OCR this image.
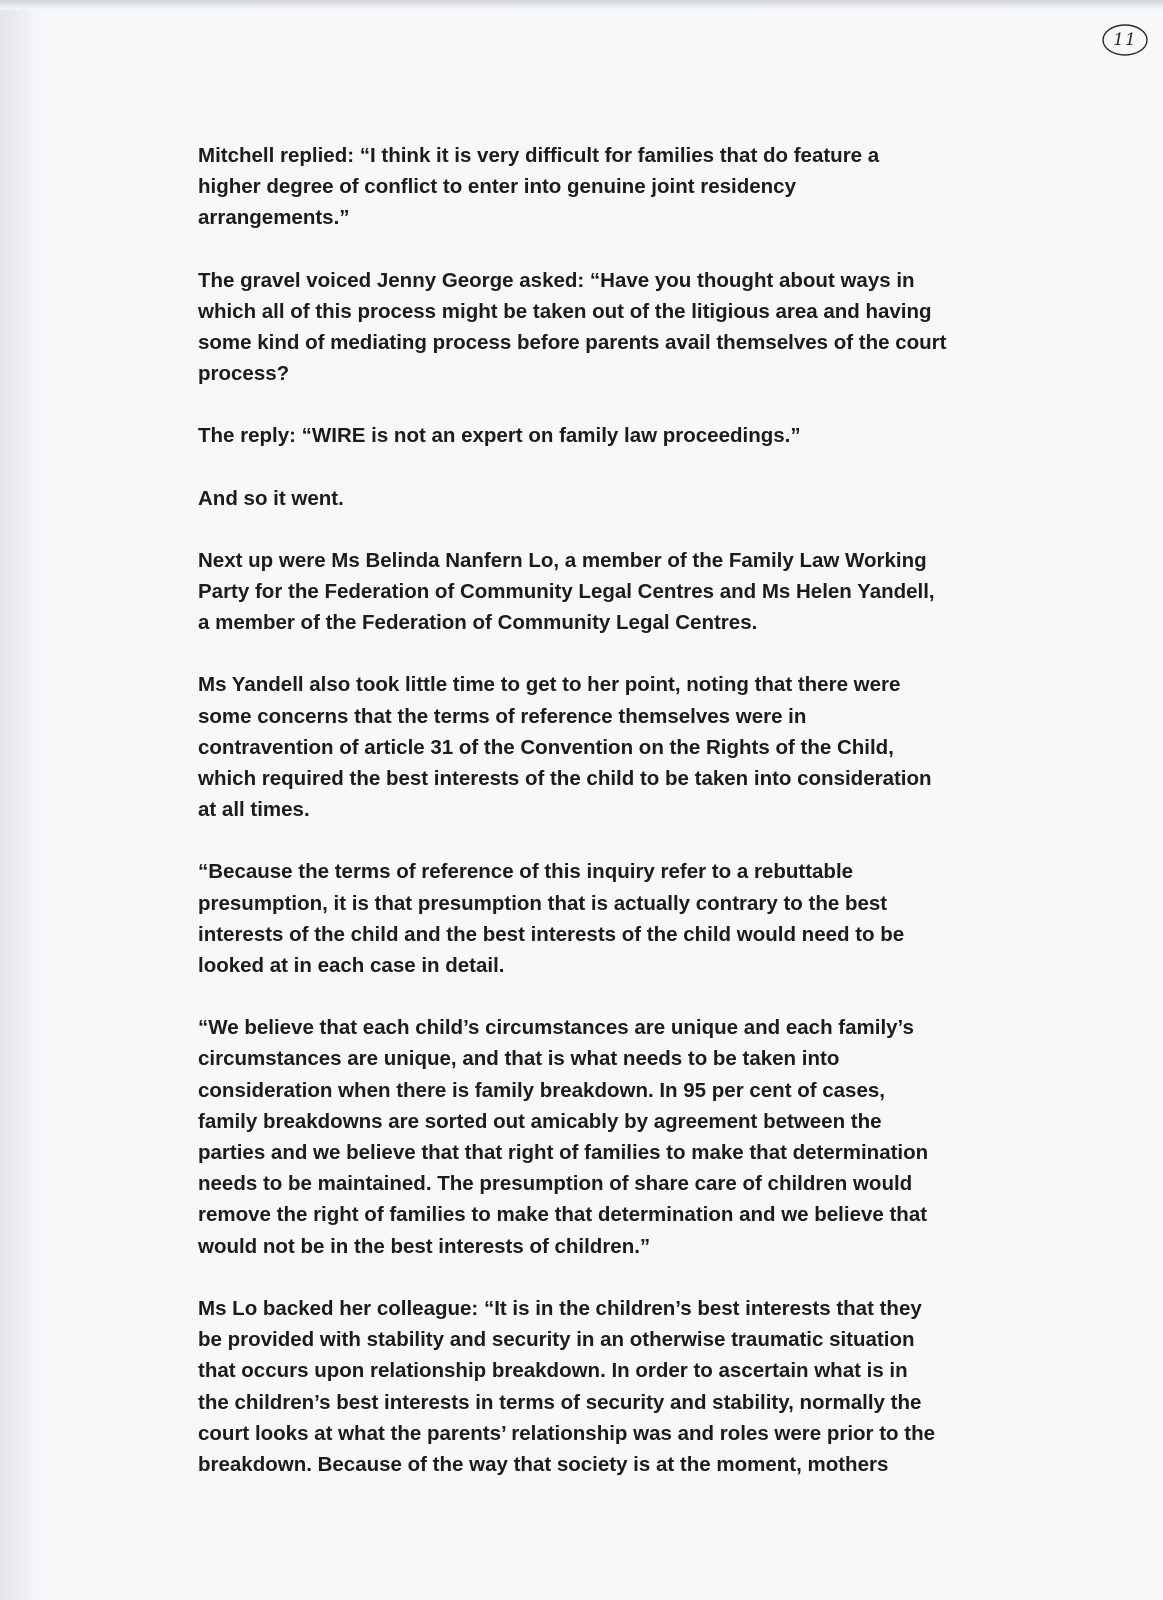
11

Mitchell replied: “I think it is very difficult for families that do feature a
higher degree of conflict to enter into genuine joint residency
arrangements.”

The gravel voiced Jenny George asked: “Have you thought about ways in
which all of this process might be taken out of the litigious area and having
some kind of mediating process before parents avail themselves of the court
process?

The reply: “WIRE is not an expert on family law proceedings.”

And so it went.

Next up were Ms Belinda Nanfern Lo, a member of the Family Law Working
Party for the Federation of Community Legal Centres and Ms Helen Yandell,
a member of the Federation of Community Legal Centres.

Ms Yandell also took little time to get to her point, noting that there were
some concerns that the terms of reference themselves were in
contravention of article 31 of the Convention on the Rights of the Child,
which required the best interests of the child to be taken into consideration
at all times.

“Because the terms of reference of this inquiry refer to a rebuttable
presumption, it is that presumption that is actually contrary to the best
interests of the child and the best interests of the child would need to be
looked at in each case in detail.

“We believe that each child’s circumstances are unique and each family’s
circumstances are unique, and that is what needs to be taken into
consideration when there is family breakdown. In 95 per cent of cases,
family breakdowns are sorted out amicably by agreement between the
parties and we believe that that right of families to make that determination
needs to be maintained. The presumption of share care of children would
remove the right of families to make that determination and we believe that
would not be in the best interests of children.”

Ms Lo backed her colleague: “It is in the children’s best interests that they
be provided with stability and security in an otherwise traumatic situation
that occurs upon relationship breakdown. In order to ascertain what is in
the children’s best interests in terms of security and stability, normally the
court looks at what the parents’ relationship was and roles were prior to the
breakdown. Because of the way that society is at the moment, mothers
